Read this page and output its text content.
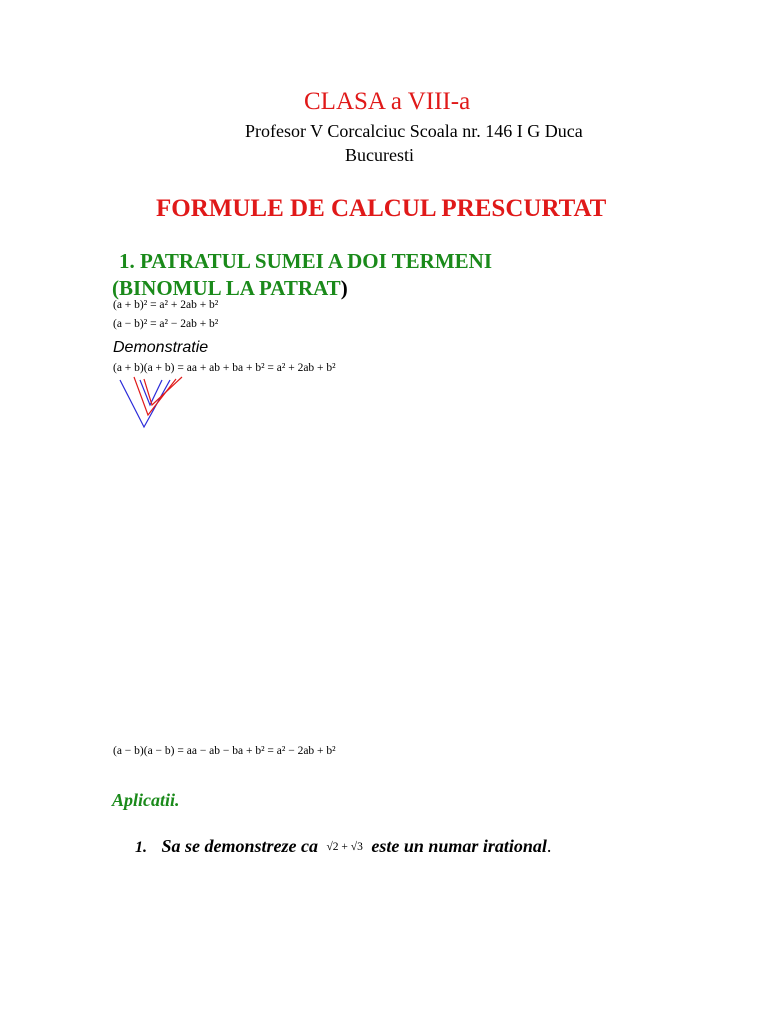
CLASA a VIII-a
Profesor V Corcalciuc Scoala nr. 146 I G Duca
Bucuresti
FORMULE DE CALCUL PRESCURTAT
1. PATRATUL SUMEI A DOI TERMENI
(BINOMUL LA PATRAT)
(a + b)² = a² + 2ab + b²
(a − b)² = a² − 2ab + b²
Demonstratie
(a + b)(a + b) = aa + ab + ba + b² = a² + 2ab + b²
(a − b)(a − b) = aa − ab − ba + b² = a² − 2ab + b²
Aplicatii.
1. Sa se demonstreze ca √2 + √3 este un numar irational.
